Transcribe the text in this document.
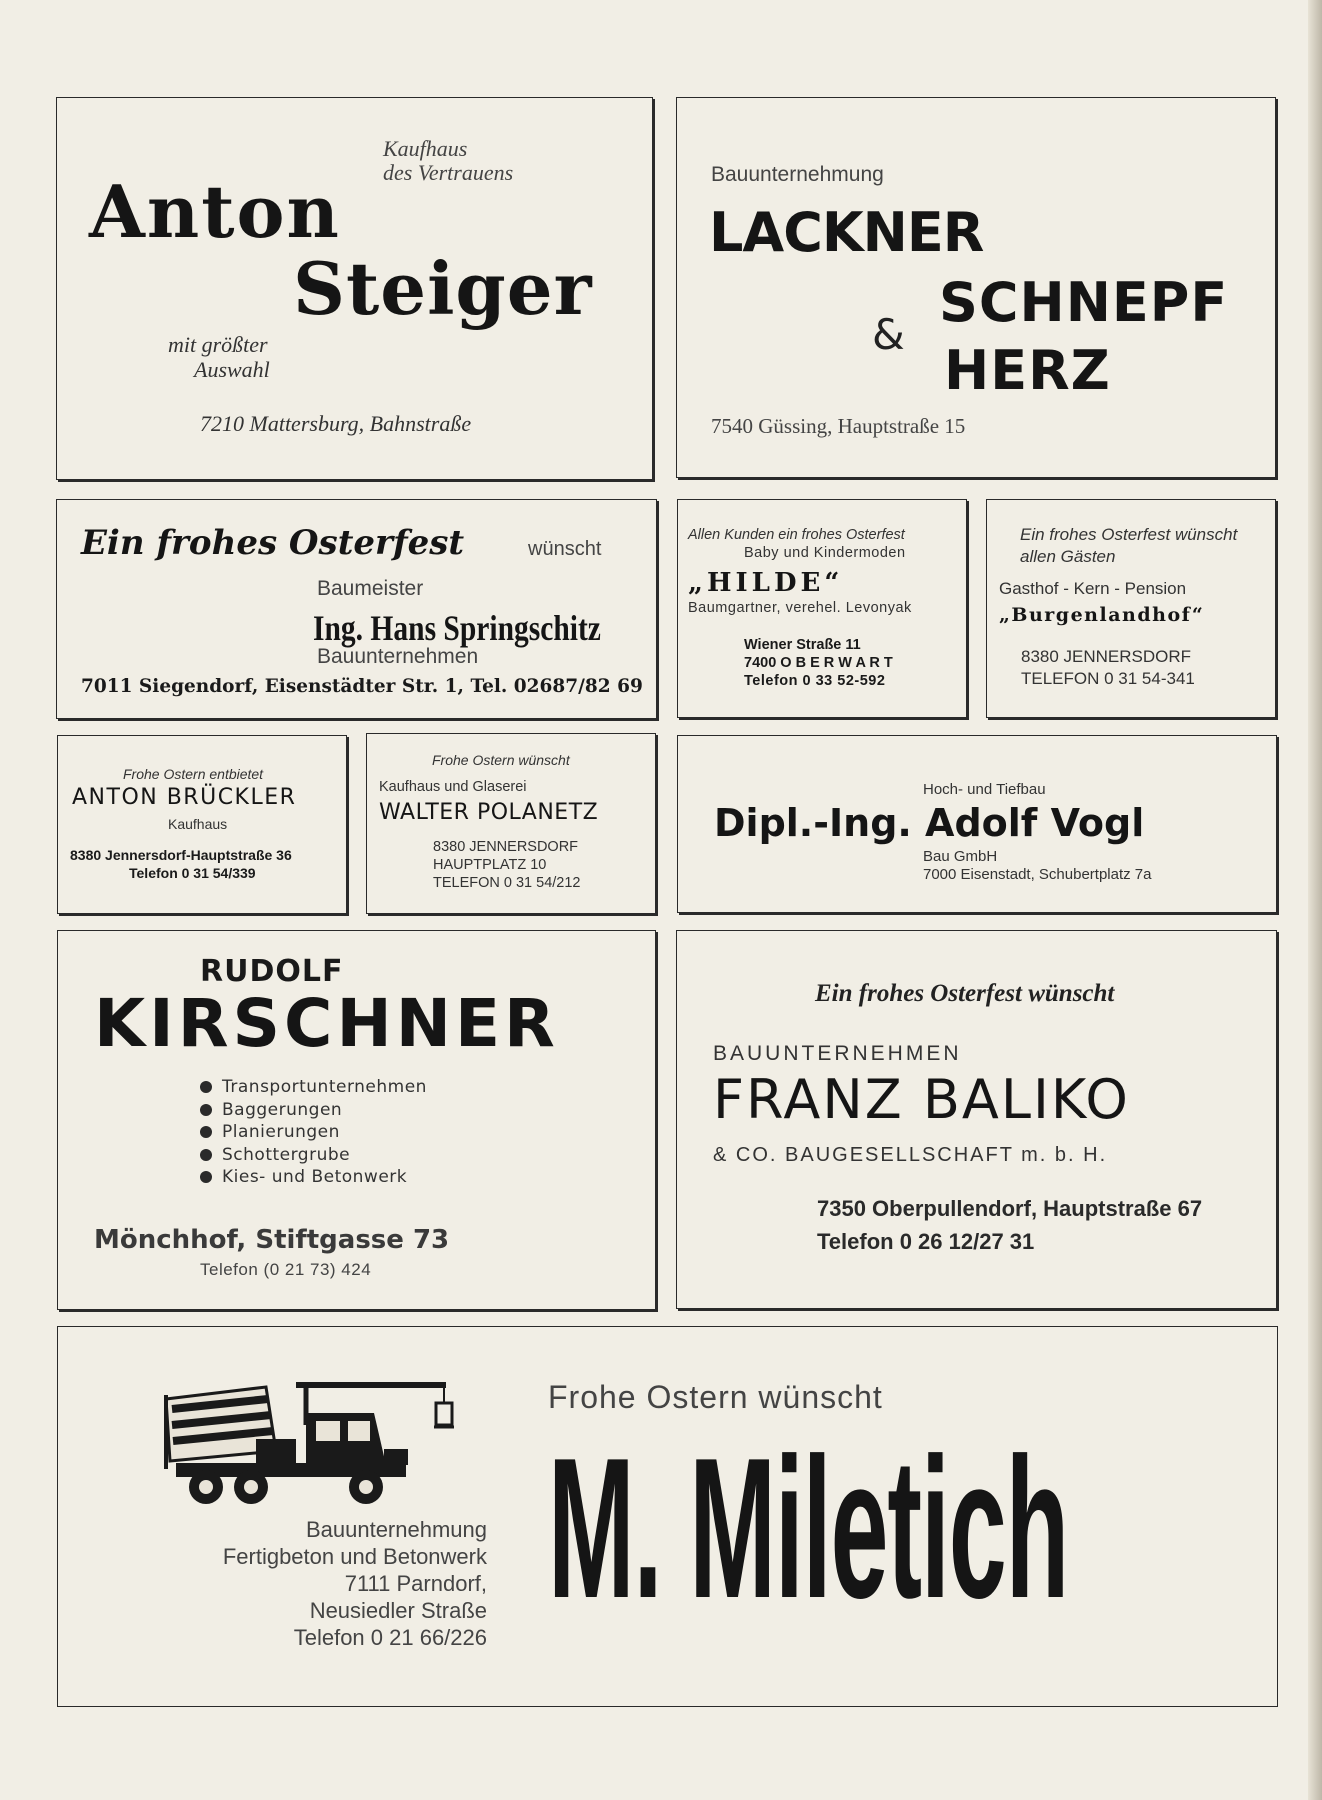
Kaufhaus
des Vertrauens
Anton
Steiger
mit größter
Auswahl
7210 Mattersburg, Bahnstraße
Bauunternehmung
LACKNER
SCHNEPF
&
HERZ
7540 Güssing, Hauptstraße 15
Ein frohes Osterfest	wünscht
Baumeister
Ing. Hans Springschitz
Bauunternehmen
7011 Siegendorf, Eisenstädter Str. 1, Tel. 02687/82 69
Allen Kunden ein frohes Osterfest
Baby und Kindermoden
„HILDE“
Baumgartner, verehel. Levonyak
Wiener Straße 11
7400 O B E R W A R T
Telefon 0 33 52-592
Ein frohes Osterfest wünscht
allen Gästen
Gasthof - Kern - Pension
„Burgenlandhof“
8380 JENNERSDORF
TELEFON 0 31 54-341
Frohe Ostern entbietet
ANTON BRÜCKLER
Kaufhaus
8380 Jennersdorf-Hauptstraße 36
Telefon 0 31 54/339
Frohe Ostern wünscht
Kaufhaus und Glaserei
WALTER POLANETZ
8380 JENNERSDORF
HAUPTPLATZ 10
TELEFON 0 31 54/212
Hoch- und Tiefbau
Dipl.-Ing. Adolf Vogl
Bau GmbH
7000 Eisenstadt, Schubertplatz 7a
RUDOLF
KIRSCHNER
Transportunternehmen
Baggerungen
Planierungen
Schottergrube
Kies- und Betonwerk
Mönchhof, Stiftgasse 73
Telefon (0 21 73) 424
Ein frohes Osterfest wünscht
BAUUNTERNEHMEN
FRANZ BALIKO
& CO. BAUGESELLSCHAFT m. b. H.
7350 Oberpullendorf, Hauptstraße 67
Telefon 0 26 12/27 31
Bauunternehmung
Fertigbeton und Betonwerk
7111 Parndorf,
Neusiedler Straße
Telefon 0 21 66/226
Frohe Ostern wünscht
M. Miletich
